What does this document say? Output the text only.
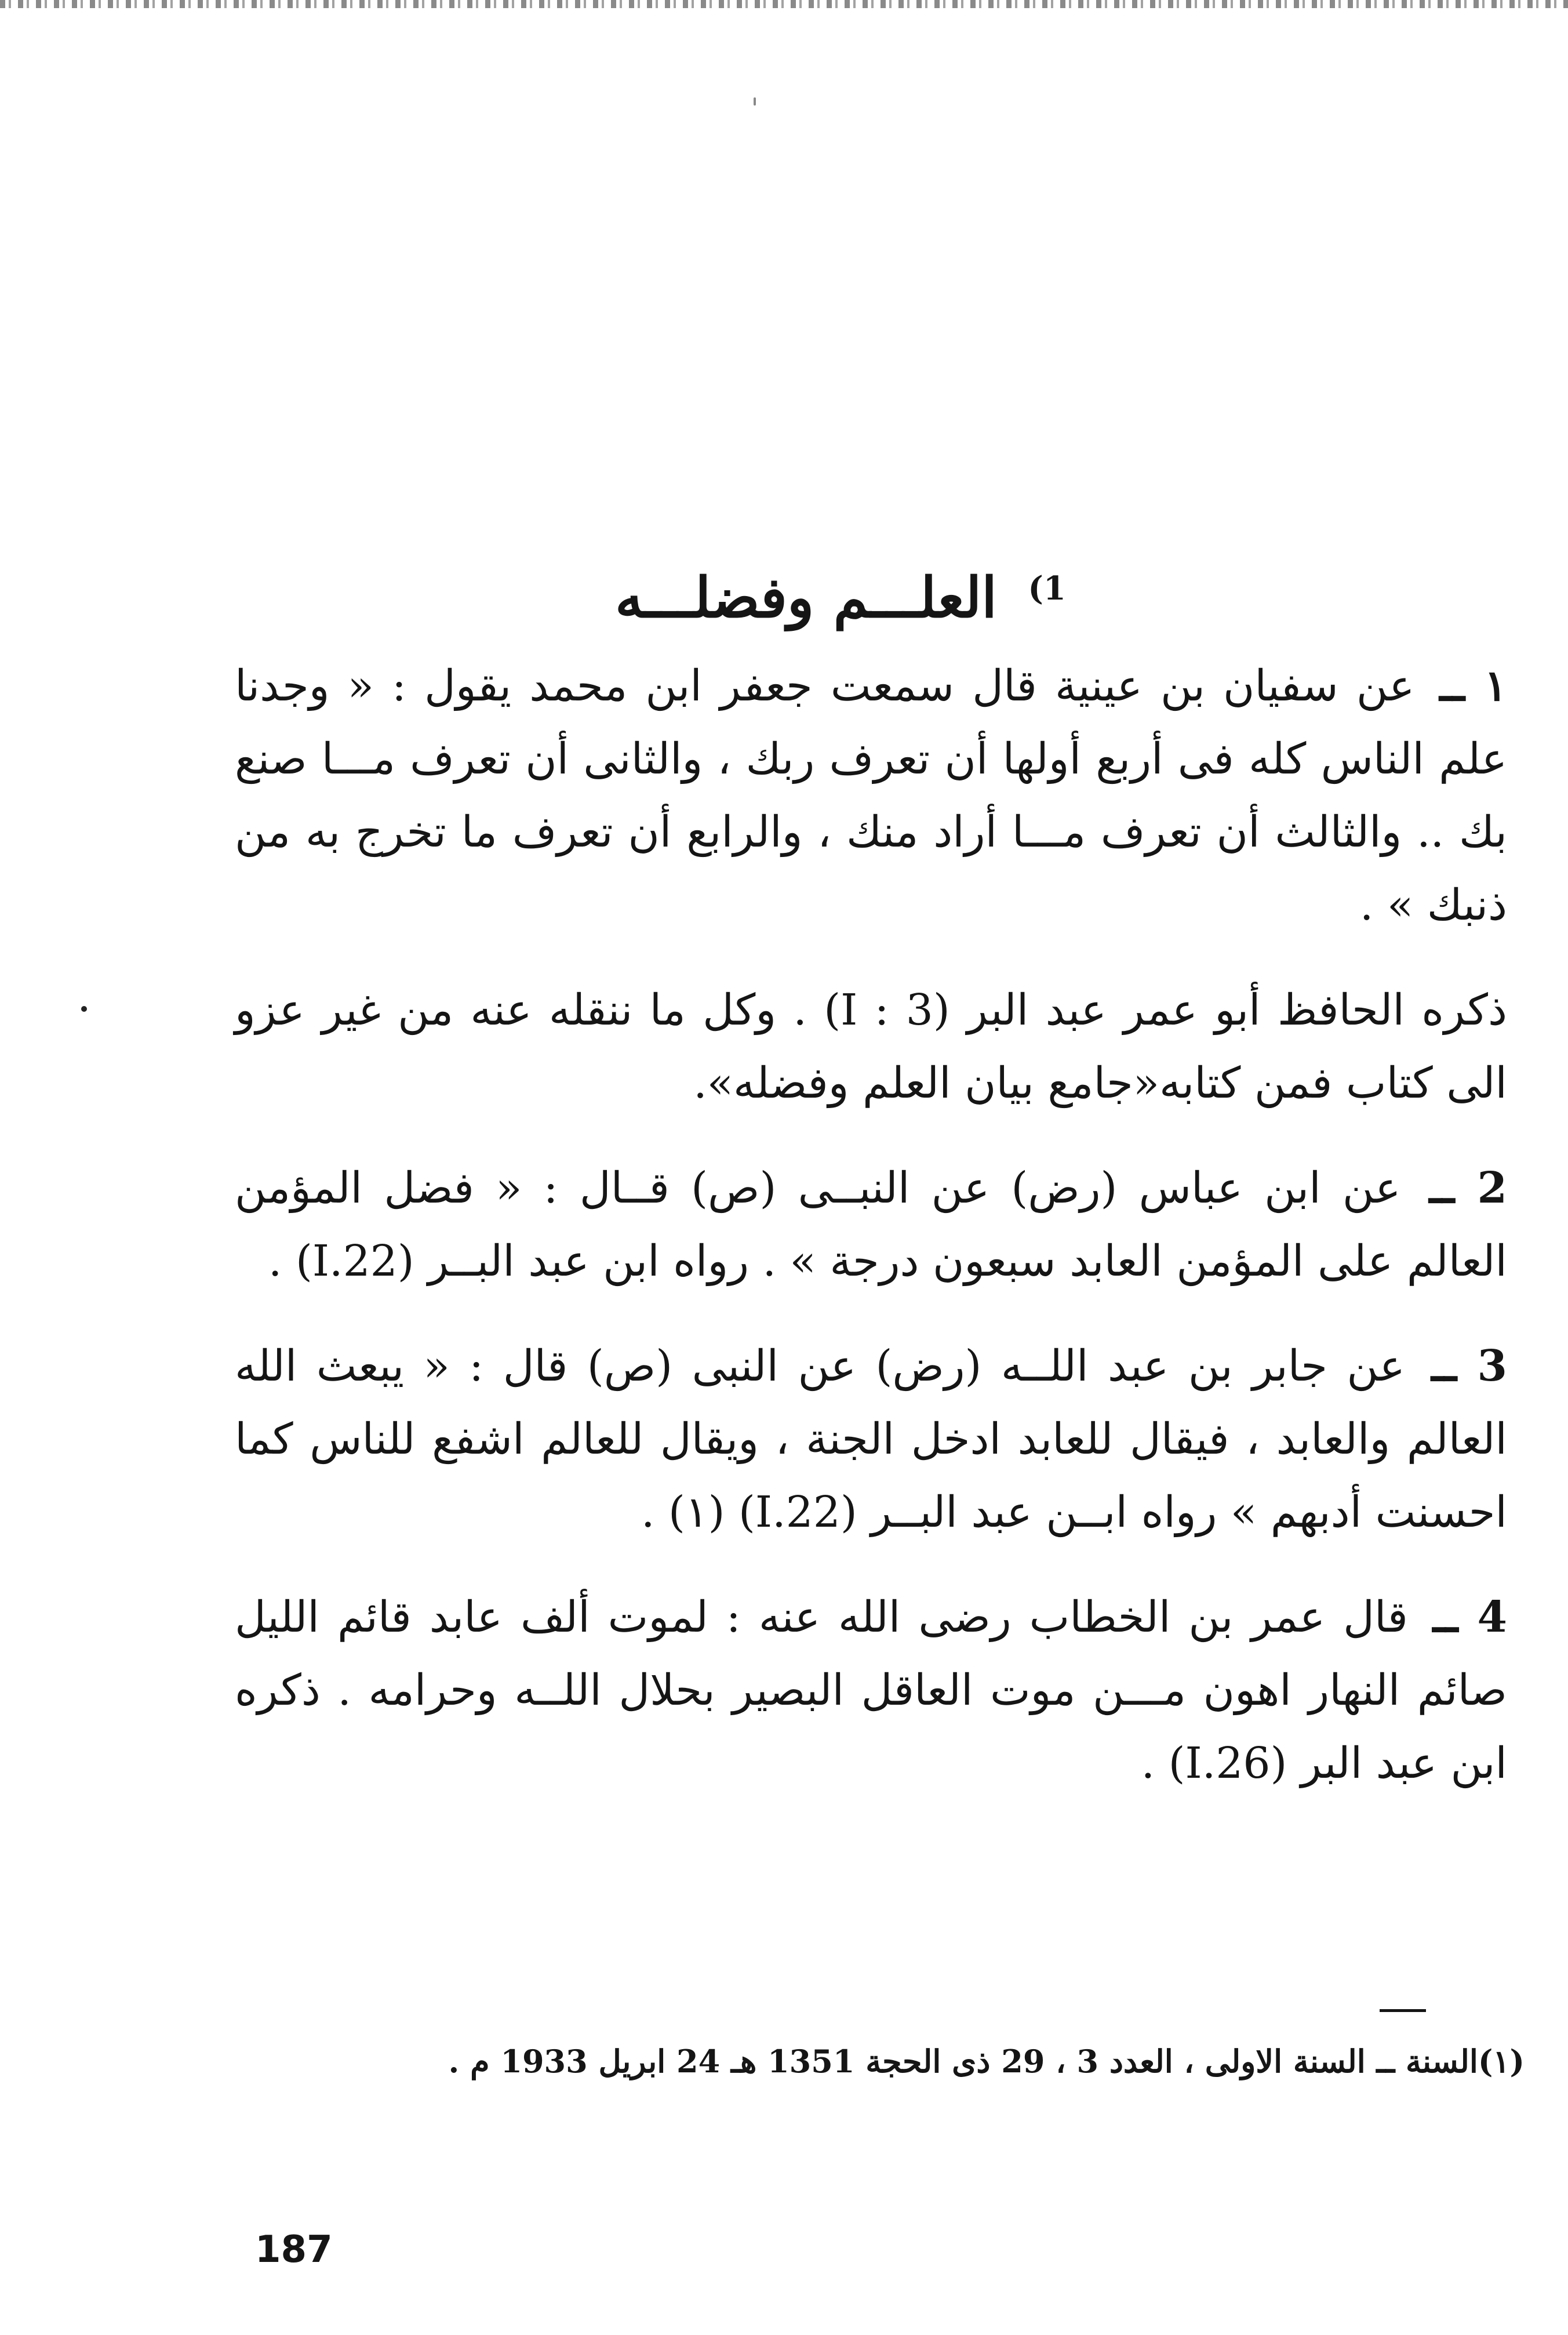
$^{1)}$ العلـــم وفضلـــه

١ ــ عن سفيان بن عينية قال سمعت جعفر ابن محمد يقول : « وجدنا علم الناس كله فى أربع أولها أن تعرف ربك ، والثانى أن تعرف مـــا صنع بك .. والثالث أن تعرف مـــا أراد منك ، والرابع أن تعرف ما تخرج به من ذنبك » .

ذكره الحافظ أبو عمر عبد البر (I : 3) . وكل ما ننقله عنه من غير عزو الى كتاب فمن كتابه«جامع بيان العلم وفضله».

2 ــ عن ابن عباس (رض) عن النبــى (ص) قــال : « فضل المؤمن العالم على المؤمن العابد سبعون درجة » . رواه ابن عبد البــر (I.22) .

3 ــ عن جابر بن عبد اللــه (رض) عن النبى (ص) قال : « يبعث الله العالم والعابد ، فيقال للعابد ادخل الجنة ، ويقال للعالم اشفع للناس كما احسنت أدبهم » رواه ابــن عبد البــر (I.22) (١) .

4 ــ قال عمر بن الخطاب رضى الله عنه : لموت ألف عابد قائم الليل صائم النهار اهون مـــن موت العاقل البصير بحلال اللــه وحرامه . ذكره ابن عبد البر (I.26) .

(١)السنة ــ السنة الاولى ، العدد 3 ، 29 ذى الحجة 1351 هـ 24 ابريل 1933 م .
187
